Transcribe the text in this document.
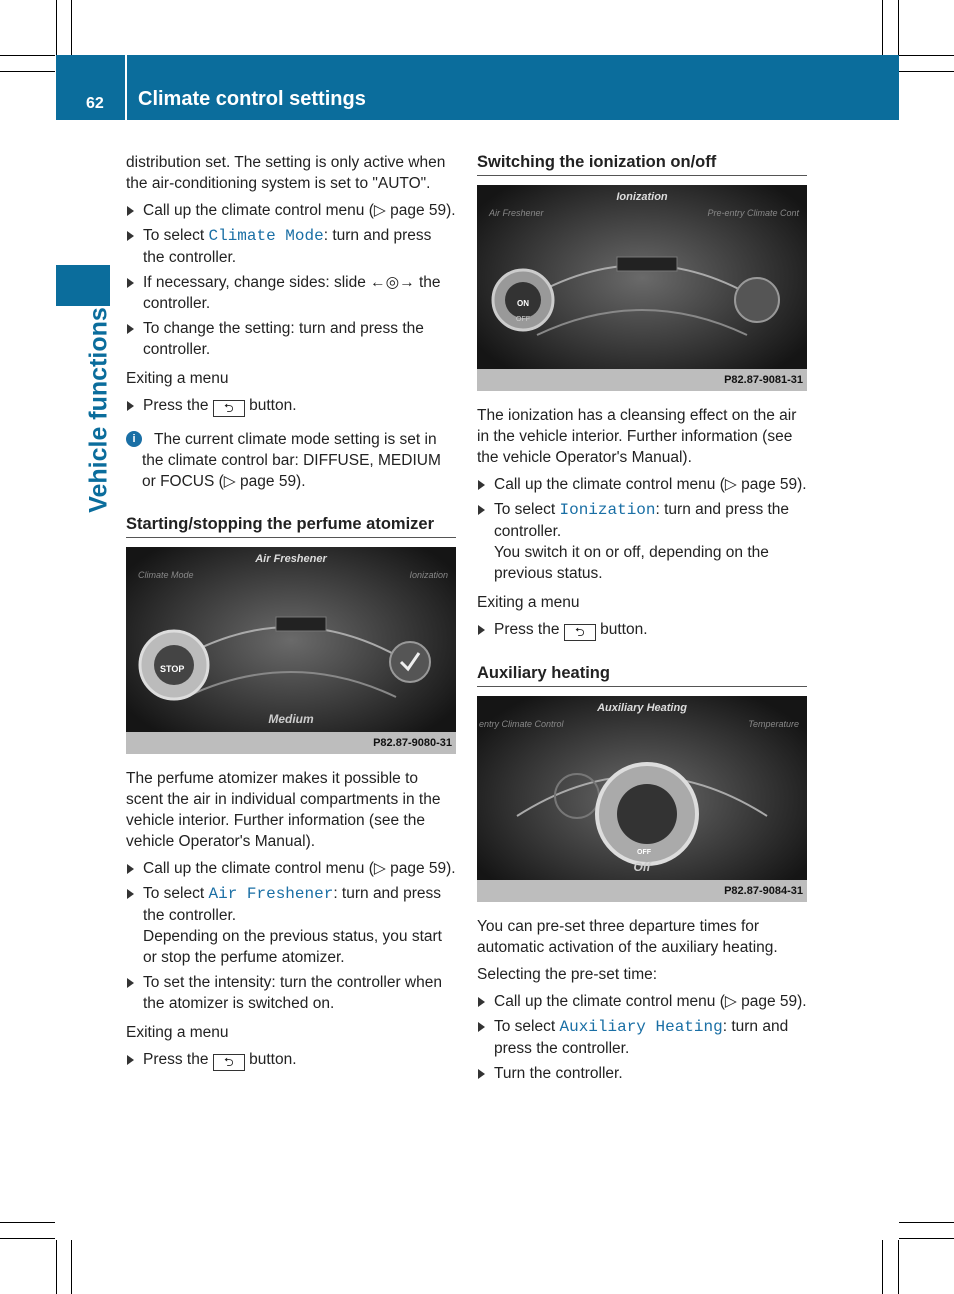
62 Climate control settings
Vehicle functions

distribution set. The setting is only active when the air-conditioning system is set to "AUTO".

Call up the climate control menu (▷ page 59).
To select Climate Mode: turn and press the controller.
If necessary, change sides: slide ←◎→ the controller.
To change the setting: turn and press the controller.

Exiting a menu

Press the ⮌ button.
i	The current climate mode setting is set in the climate control bar: DIFFUSE, MEDIUM or FOCUS (▷ page 59).
Starting/stopping the perfume atomizer
Air Freshener
Climate Mode	Ionization
STOP
Medium
P82.87-9080-31

The perfume atomizer makes it possible to scent the air in individual compartments in the vehicle interior. Further information (see the vehicle Operator's Manual).

Call up the climate control menu (▷ page 59).
To select Air Freshener: turn and press the controller.
Depending on the previous status, you start or stop the perfume atomizer.
To set the intensity: turn the controller when the atomizer is switched on.

Exiting a menu

Press the ⮌ button.
Switching the ionization on/off
Ionization
Air Freshener	Pre-entry Climate Cont
ON
OFF
P82.87-9081-31

The ionization has a cleansing effect on the air in the vehicle interior. Further information (see the vehicle Operator's Manual).

Call up the climate control menu (▷ page 59).
To select Ionization: turn and press the controller.
You switch it on or off, depending on the previous status.

Exiting a menu

Press the ⮌ button.
Auxiliary heating
Auxiliary Heating
entry Climate Control	Temperature
OFF
Off
P82.87-9084-31

You can pre-set three departure times for automatic activation of the auxiliary heating.

Selecting the pre-set time:

Call up the climate control menu (▷ page 59).
To select Auxiliary Heating: turn and press the controller.
Turn the controller.
